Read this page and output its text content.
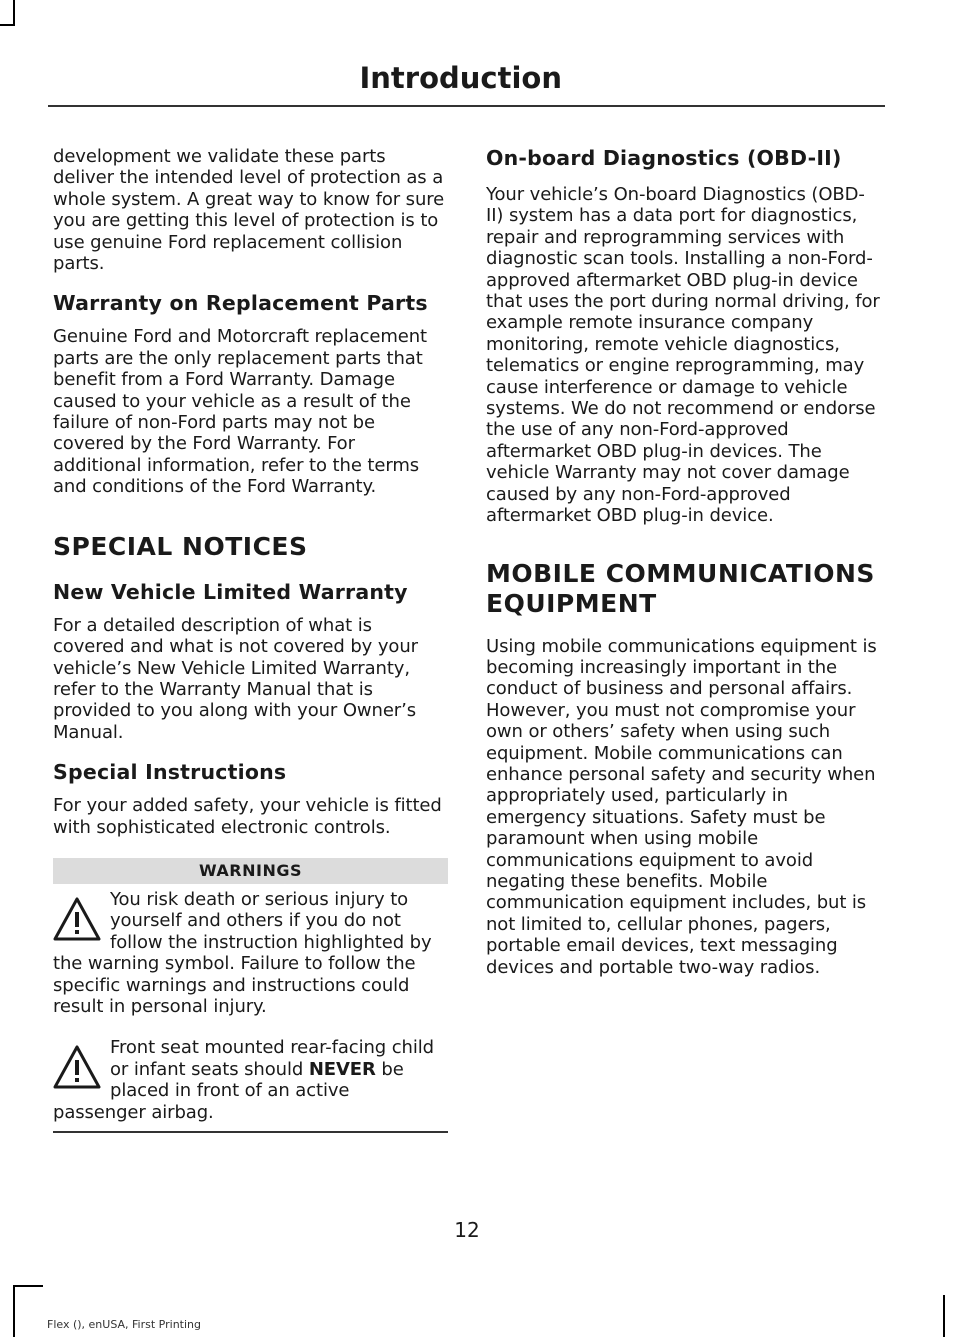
Introduction

development we validate these parts deliver the intended level of protection as a whole system. A great way to know for sure you are getting this level of protection is to use genuine Ford replacement collision parts.

Warranty on Replacement Parts

Genuine Ford and Motorcraft replacement parts are the only replacement parts that benefit from a Ford Warranty. Damage caused to your vehicle as a result of the failure of non-Ford parts may not be covered by the Ford Warranty. For additional information, refer to the terms and conditions of the Ford Warranty.

SPECIAL NOTICES
New Vehicle Limited Warranty

For a detailed description of what is covered and what is not covered by your vehicle’s New Vehicle Limited Warranty, refer to the Warranty Manual that is provided to you along with your Owner’s Manual.

Special Instructions

For your added safety, your vehicle is fitted with sophisticated electronic controls.

WARNINGS

You risk death or serious injury to yourself and others if you do not follow the instruction highlighted by
the warning symbol. Failure to follow the specific warnings and instructions could result in personal injury.

Front seat mounted rear-facing child or infant seats should NEVER be placed in front of an active
passenger airbag.

On-board Diagnostics (OBD-II)

Your vehicle’s On-board Diagnostics (OBD-II) system has a data port for diagnostics, repair and reprogramming services with diagnostic scan tools. Installing a non-Ford-approved aftermarket OBD plug-in device that uses the port during normal driving, for example remote insurance company monitoring, remote vehicle diagnostics, telematics or engine reprogramming, may cause interference or damage to vehicle systems. We do not recommend or endorse the use of any non-Ford-approved aftermarket OBD plug-in devices. The vehicle Warranty may not cover damage caused by any non-Ford-approved aftermarket OBD plug-in device.

MOBILE COMMUNICATIONS
EQUIPMENT

Using mobile communications equipment is becoming increasingly important in the conduct of business and personal affairs. However, you must not compromise your own or others’ safety when using such equipment. Mobile communications can enhance personal safety and security when appropriately used, particularly in emergency situations. Safety must be paramount when using mobile communications equipment to avoid negating these benefits. Mobile communication equipment includes, but is not limited to, cellular phones, pagers, portable email devices, text messaging devices and portable two-way radios.

12
Flex (), enUSA, First Printing
